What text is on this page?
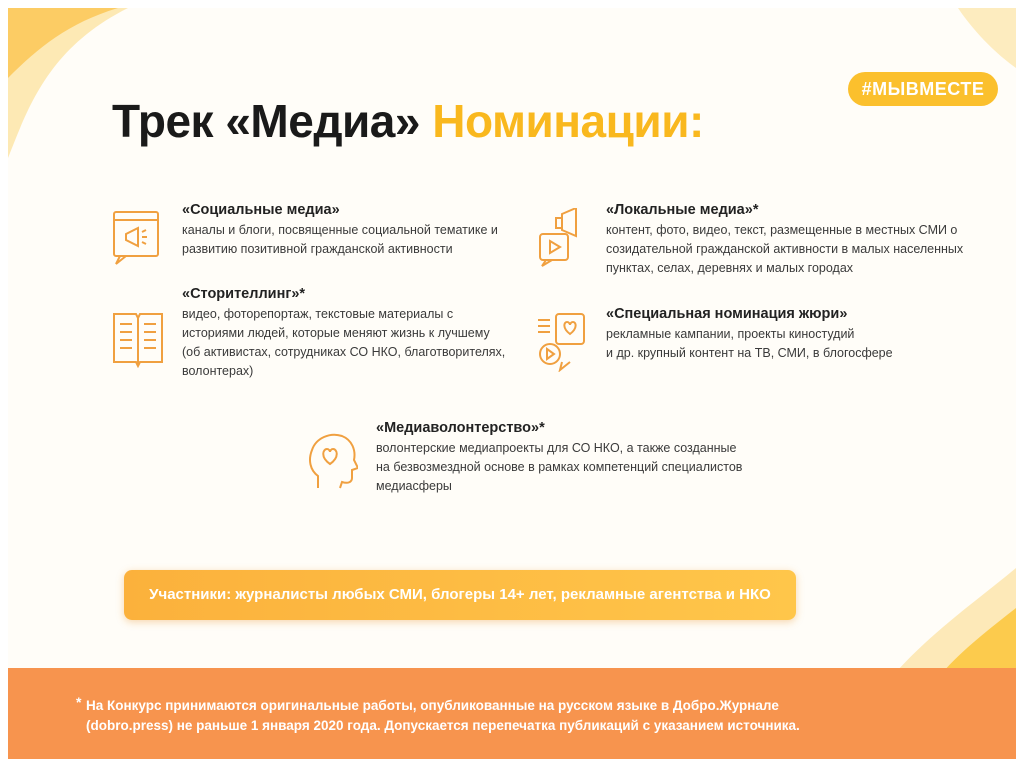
#МЫВМЕСТЕ
Трек «Медиа» Номинации:
«Социальные медиа»

каналы и блоги, посвященные социальной тематике и
развитию позитивной гражданской активности

«Локальные медиа»*

контент, фото, видео, текст, размещенные в местных СМИ о
созидательной гражданской активности в малых населенных
пунктах, селах, деревнях и малых городах

«Сторителлинг»*

видео, фоторепортаж, текстовые материалы с
историями людей, которые меняют жизнь к лучшему
(об активистах, сотрудниках СО НКО, благотворителях,
волонтерах)

«Специальная номинация жюри»

рекламные кампании, проекты киностудий
и др. крупный контент на ТВ, СМИ, в блогосфере

«Медиаволонтерство»*

волонтерские медиапроекты для СО НКО, а также созданные
на безвозмездной основе в рамках компетенций специалистов
медиасферы

Участники: журналисты любых СМИ, блогеры 14+ лет, рекламные агентства и НКО
* На Конкурс принимаются оригинальные работы, опубликованные на русском языке в Добро.Журнале
(dobro.press) не раньше 1 января 2020 года. Допускается перепечатка публикаций с указанием источника.
